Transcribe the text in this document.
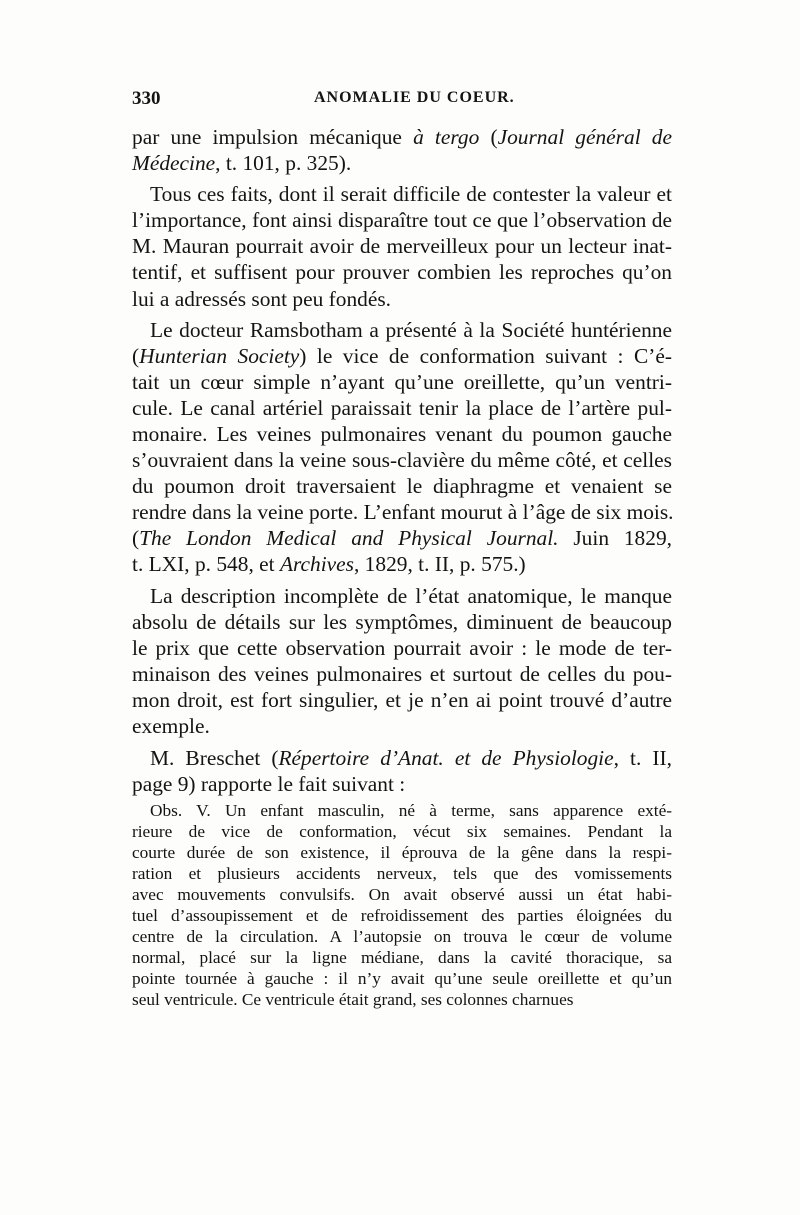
330	ANOMALIE DU COEUR.
par une impulsion mécanique à tergo (Journal général de
Médecine, t. 101, p. 325).
Tous ces faits, dont il serait difficile de contester la valeur et
l’importance, font ainsi disparaître tout ce que l’observation de
M. Mauran pourrait avoir de merveilleux pour un lecteur inat-
tentif, et suffisent pour prouver combien les reproches qu’on
lui a adressés sont peu fondés.
Le docteur Ramsbotham a présenté à la Société huntérienne
(Hunterian Society) le vice de conformation suivant : C’é-
tait un cœur simple n’ayant qu’une oreillette, qu’un ventri-
cule. Le canal artériel paraissait tenir la place de l’artère pul-
monaire. Les veines pulmonaires venant du poumon gauche
s’ouvraient dans la veine sous-clavière du même côté, et celles
du poumon droit traversaient le diaphragme et venaient se
rendre dans la veine porte. L’enfant mourut à l’âge de six mois.
(The London Medical and Physical Journal. Juin 1829,
t. LXI, p. 548, et Archives, 1829, t. II, p. 575.)
La description incomplète de l’état anatomique, le manque
absolu de détails sur les symptômes, diminuent de beaucoup
le prix que cette observation pourrait avoir : le mode de ter-
minaison des veines pulmonaires et surtout de celles du pou-
mon droit, est fort singulier, et je n’en ai point trouvé d’autre
exemple.
M. Breschet (Répertoire d’Anat. et de Physiologie, t. II,
page 9) rapporte le fait suivant :
Obs. V. Un enfant masculin, né à terme, sans apparence exté-
rieure de vice de conformation, vécut six semaines. Pendant la
courte durée de son existence, il éprouva de la gêne dans la respi-
ration et plusieurs accidents nerveux, tels que des vomissements
avec mouvements convulsifs. On avait observé aussi un état habi-
tuel d’assoupissement et de refroidissement des parties éloignées du
centre de la circulation. A l’autopsie on trouva le cœur de volume
normal, placé sur la ligne médiane, dans la cavité thoracique, sa
pointe tournée à gauche : il n’y avait qu’une seule oreillette et qu’un
seul ventricule. Ce ventricule était grand, ses colonnes charnues
